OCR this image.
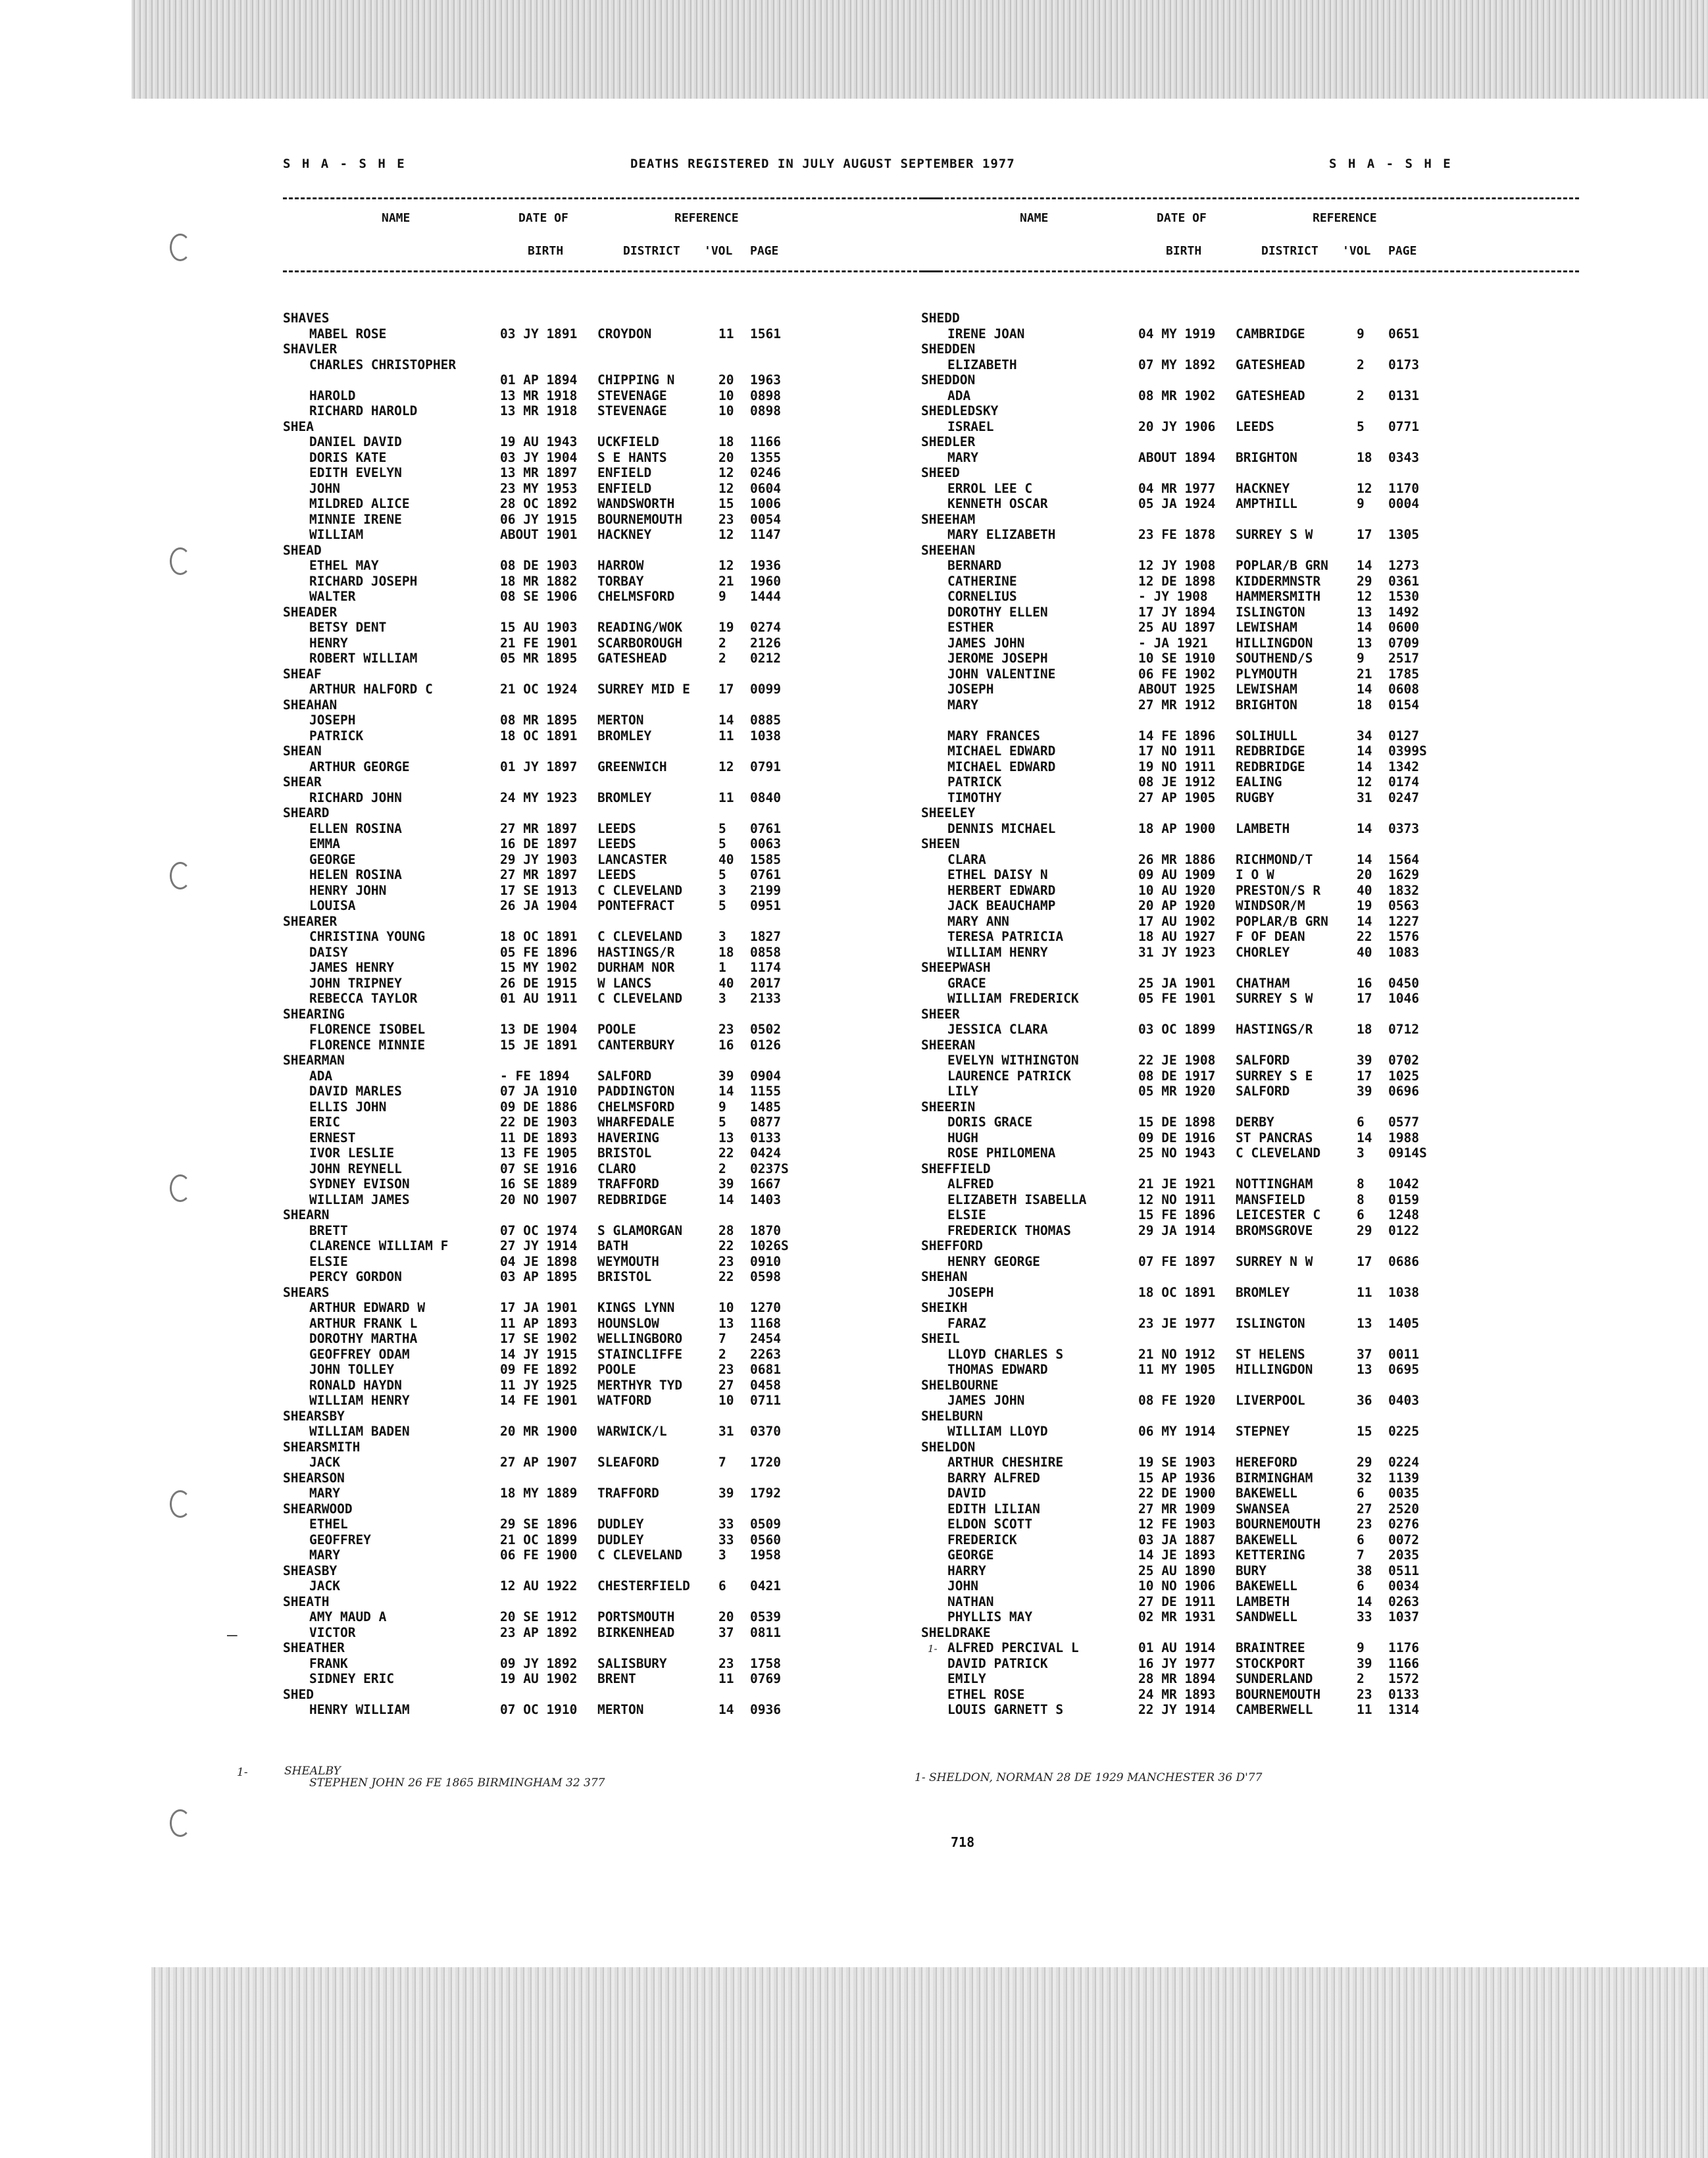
S H A - S H E	DEATHS REGISTERED IN JULY AUGUST SEPTEMBER 1977	S H A - S H E
NAME	DATE OF
BIRTH
REFERENCE
DISTRICT 'VOL PAGE
SHAVES
MABEL ROSE	03 JY 1891 CROYDON	11 1561
SHAVLER
CHARLES CHRISTOPHER
01 AP 1894 CHIPPING N	20 1963
HAROLD	13 MR 1918 STEVENAGE	10 0898
RICHARD HAROLD	13 MR 1918 STEVENAGE	10 0898
SHEA
DANIEL DAVID	19 AU 1943 UCKFIELD	18 1166
DORIS KATE	03 JY 1904 S E HANTS	20 1355
EDITH EVELYN	13 MR 1897 ENFIELD	12 0246
JOHN	23 MY 1953 ENFIELD	12 0604
MILDRED ALICE	28 OC 1892 WANDSWORTH	15 1006
MINNIE IRENE	06 JY 1915 BOURNEMOUTH	23 0054
WILLIAM	ABOUT 1901 HACKNEY	12 1147
SHEAD
ETHEL MAY	08 DE 1903 HARROW	12 1936
RICHARD JOSEPH	18 MR 1882 TORBAY	21 1960
WALTER	08 SE 1906 CHELMSFORD	9 1444
SHEADER
BETSY DENT	15 AU 1903 READING/WOK	19 0274
HENRY	21 FE 1901 SCARBOROUGH	2 2126
ROBERT WILLIAM	05 MR 1895 GATESHEAD	2 0212
SHEAF
ARTHUR HALFORD C	21 OC 1924 SURREY MID E 17 0099
SHEAHAN
JOSEPH	08 MR 1895 MERTON	14 0885
PATRICK	18 OC 1891 BROMLEY	11 1038
SHEAN
ARTHUR GEORGE	01 JY 1897 GREENWICH	12 0791
SHEAR
RICHARD JOHN	24 MY 1923 BROMLEY	11 0840
SHEARD
ELLEN ROSINA	27 MR 1897 LEEDS	5 0761
EMMA	16 DE 1897 LEEDS	5 0063
GEORGE	29 JY 1903 LANCASTER	40 1585
HELEN ROSINA	27 MR 1897 LEEDS	5 0761
HENRY JOHN	17 SE 1913 C CLEVELAND	3 2199
LOUISA	26 JA 1904 PONTEFRACT	5 0951
SHEARER
CHRISTINA YOUNG	18 OC 1891 C CLEVELAND	3 1827
DAISY	05 FE 1896 HASTINGS/R	18 0858
JAMES HENRY	15 MY 1902 DURHAM NOR	1 1174
JOHN TRIPNEY	26 DE 1915 W LANCS	40 2017
REBECCA TAYLOR	01 AU 1911 C CLEVELAND	3 2133
SHEARING
FLORENCE ISOBEL	13 DE 1904 POOLE	23 0502
FLORENCE MINNIE	15 JE 1891 CANTERBURY	16 0126
SHEARMAN
ADA	- FE 1894 SALFORD	39 0904
DAVID MARLES	07 JA 1910 PADDINGTON	14 1155
ELLIS JOHN	09 DE 1886 CHELMSFORD	9 1485
ERIC	22 DE 1903 WHARFEDALE	5 0877
ERNEST	11 DE 1893 HAVERING	13 0133
IVOR LESLIE	13 FE 1905 BRISTOL	22 0424
JOHN REYNELL	07 SE 1916 CLARO	2 0237S
SYDNEY EVISON	16 SE 1889 TRAFFORD	39 1667
WILLIAM JAMES	20 NO 1907 REDBRIDGE	14 1403
SHEARN
BRETT	07 OC 1974 S GLAMORGAN	28 1870
CLARENCE WILLIAM F	27 JY 1914 BATH	22 1026S
ELSIE	04 JE 1898 WEYMOUTH	23 0910
PERCY GORDON	03 AP 1895 BRISTOL	22 0598
SHEARS
ARTHUR EDWARD W	17 JA 1901 KINGS LYNN	10 1270
ARTHUR FRANK L	11 AP 1893 HOUNSLOW	13 1168
DOROTHY MARTHA	17 SE 1902 WELLINGBORO	7 2454
GEOFFREY ODAM	14 JY 1915 STAINCLIFFE	2 2263
JOHN TOLLEY	09 FE 1892 POOLE	23 0681
RONALD HAYDN	11 JY 1925 MERTHYR TYD	27 0458
WILLIAM HENRY	14 FE 1901 WATFORD	10 0711
SHEARSBY
WILLIAM BADEN	20 MR 1900 WARWICK/L	31 0370
SHEARSMITH
JACK	27 AP 1907 SLEAFORD	7 1720
SHEARSON
MARY	18 MY 1889 TRAFFORD	39 1792
SHEARWOOD
ETHEL	29 SE 1896 DUDLEY	33 0509
GEOFFREY	21 OC 1899 DUDLEY	33 0560
MARY	06 FE 1900 C CLEVELAND	3 1958
SHEASBY
JACK	12 AU 1922 CHESTERFIELD 6 0421
SHEATH
AMY MAUD A	20 SE 1912 PORTSMOUTH	20 0539
VICTOR	23 AP 1892 BIRKENHEAD	37 0811
SHEATHER
FRANK	09 JY 1892 SALISBURY	23 1758
SIDNEY ERIC	19 AU 1902 BRENT	11 0769
SHED
HENRY WILLIAM	07 OC 1910 MERTON	14 0936
NAME	DATE OF
BIRTH
REFERENCE
DISTRICT 'VOL PAGE
SHEDD
IRENE JOAN	04 MY 1919 CAMBRIDGE	9 0651
SHEDDEN
ELIZABETH	07 MY 1892 GATESHEAD	2 0173
SHEDDON
ADA	08 MR 1902 GATESHEAD	2 0131
SHEDLEDSKY
ISRAEL	20 JY 1906 LEEDS	5 0771
SHEDLER
MARY	ABOUT 1894 BRIGHTON	18 0343
SHEED
ERROL LEE C	04 MR 1977 HACKNEY	12 1170
KENNETH OSCAR	05 JA 1924 AMPTHILL	9 0004
SHEEHAM
MARY ELIZABETH	23 FE 1878 SURREY S W	17 1305
SHEEHAN
BERNARD	12 JY 1908 POPLAR/B GRN 14 1273
CATHERINE	12 DE 1898 KIDDERMNSTR	29 0361
CORNELIUS	- JY 1908 HAMMERSMITH	12 1530
DOROTHY ELLEN	17 JY 1894 ISLINGTON	13 1492
ESTHER	25 AU 1897 LEWISHAM	14 0600
JAMES JOHN	- JA 1921 HILLINGDON	13 0709
JEROME JOSEPH	10 SE 1910 SOUTHEND/S	9 2517
JOHN VALENTINE	06 FE 1902 PLYMOUTH	21 1785
JOSEPH	ABOUT 1925 LEWISHAM	14 0608
MARY	27 MR 1912 BRIGHTON	18 0154
MARY FRANCES	14 FE 1896 SOLIHULL	34 0127
MICHAEL EDWARD	17 NO 1911 REDBRIDGE	14 0399S
MICHAEL EDWARD	19 NO 1911 REDBRIDGE	14 1342
PATRICK	08 JE 1912 EALING	12 0174
TIMOTHY	27 AP 1905 RUGBY	31 0247
SHEELEY
DENNIS MICHAEL	18 AP 1900 LAMBETH	14 0373
SHEEN
CLARA	26 MR 1886 RICHMOND/T	14 1564
ETHEL DAISY N	09 AU 1909 I O W	20 1629
HERBERT EDWARD	10 AU 1920 PRESTON/S R	40 1832
JACK BEAUCHAMP	20 AP 1920 WINDSOR/M	19 0563
MARY ANN	17 AU 1902 POPLAR/B GRN 14 1227
TERESA PATRICIA	18 AU 1927 F OF DEAN	22 1576
WILLIAM HENRY	31 JY 1923 CHORLEY	40 1083
SHEEPWASH
GRACE	25 JA 1901 CHATHAM	16 0450
WILLIAM FREDERICK	05 FE 1901 SURREY S W	17 1046
SHEER
JESSICA CLARA	03 OC 1899 HASTINGS/R	18 0712
SHEERAN
EVELYN WITHINGTON	22 JE 1908 SALFORD	39 0702
LAURENCE PATRICK	08 DE 1917 SURREY S E	17 1025
LILY	05 MR 1920 SALFORD	39 0696
SHEERIN
DORIS GRACE	15 DE 1898 DERBY	6 0577
HUGH	09 DE 1916 ST PANCRAS	14 1988
ROSE PHILOMENA	25 NO 1943 C CLEVELAND	3 0914S
SHEFFIELD
ALFRED	21 JE 1921 NOTTINGHAM	8 1042
ELIZABETH ISABELLA	12 NO 1911 MANSFIELD	8 0159
ELSIE	15 FE 1896 LEICESTER C	6 1248
FREDERICK THOMAS	29 JA 1914 BROMSGROVE	29 0122
SHEFFORD
HENRY GEORGE	07 FE 1897 SURREY N W	17 0686
SHEHAN
JOSEPH	18 OC 1891 BROMLEY	11 1038
SHEIKH
FARAZ	23 JE 1977 ISLINGTON	13 1405
SHEIL
LLOYD CHARLES S	21 NO 1912 ST HELENS	37 0011
THOMAS EDWARD	11 MY 1905 HILLINGDON	13 0695
SHELBOURNE
JAMES JOHN	08 FE 1920 LIVERPOOL	36 0403
SHELBURN
WILLIAM LLOYD	06 MY 1914 STEPNEY	15 0225
SHELDON
ARTHUR CHESHIRE	19 SE 1903 HEREFORD	29 0224
BARRY ALFRED	15 AP 1936 BIRMINGHAM	32 1139
DAVID	22 DE 1900 BAKEWELL	6 0035
EDITH LILIAN	27 MR 1909 SWANSEA	27 2520
ELDON SCOTT	12 FE 1903 BOURNEMOUTH	23 0276
FREDERICK	03 JA 1887 BAKEWELL	6 0072
GEORGE	14 JE 1893 KETTERING	7 2035
HARRY	25 AU 1890 BURY	38 0511
JOHN	10 NO 1906 BAKEWELL	6 0034
NATHAN	27 DE 1911 LAMBETH	14 0263
PHYLLIS MAY	02 MR 1931 SANDWELL	33 1037
SHELDRAKE
ALFRED PERCIVAL L	01 AU 1914 BRAINTREE	9 1176
DAVID PATRICK	16 JY 1977 STOCKPORT	39 1166
EMILY	28 MR 1894 SUNDERLAND	2 1572
ETHEL ROSE	24 MR 1893 BOURNEMOUTH	23 0133
LOUIS GARNETT S	22 JY 1914 CAMBERWELL	11 1314
SHEALBY
STEPHEN JOHN 26 FE 1865 BIRMINGHAM 32 377
1-	1- SHELDON, NORMAN 28 DE 1929 MANCHESTER 36 D'77
1-
—
718
